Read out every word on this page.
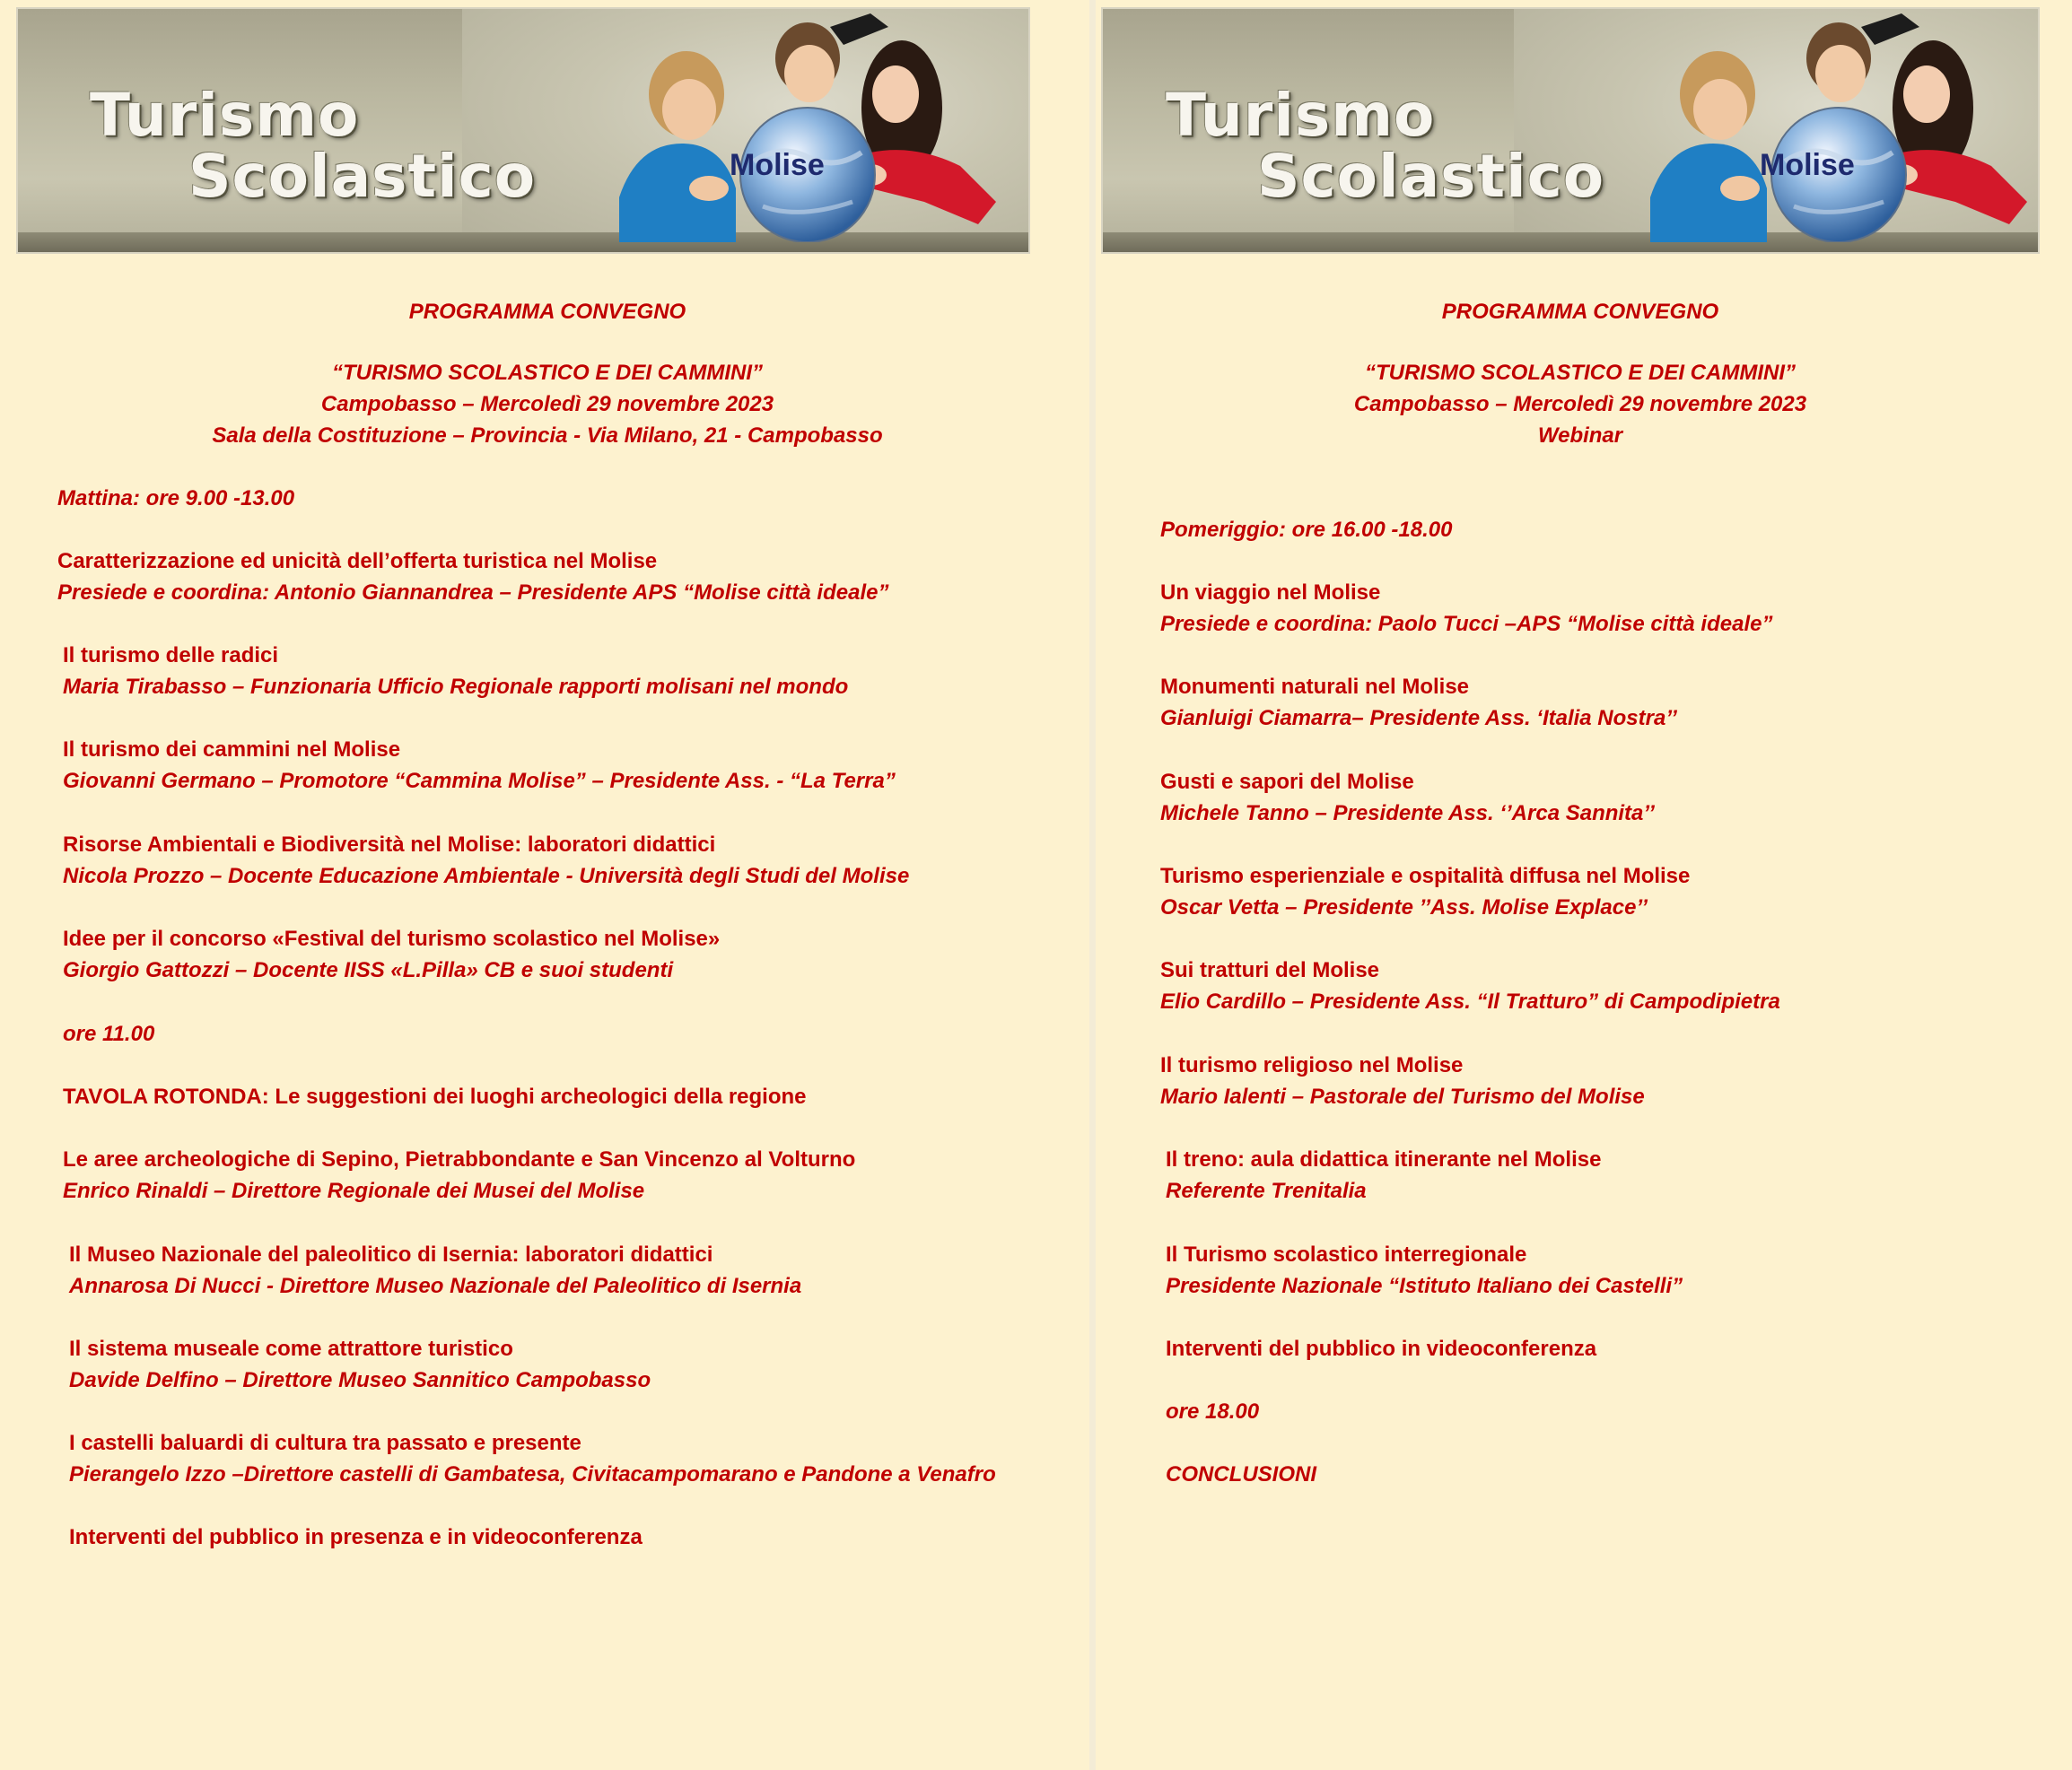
Turismo
Scolastico	Molise
PROGRAMMA CONVEGNO
“TURISMO SCOLASTICO E DEI CAMMINI”
Campobasso – Mercoledì 29 novembre 2023
Sala della Costituzione – Provincia - Via Milano, 21 - Campobasso
Mattina: ore 9.00 -13.00
Caratterizzazione ed unicità dell’offerta turistica nel Molise
Presiede e coordina: Antonio Giannandrea – Presidente APS “Molise città ideale”
Il turismo delle radici
Maria Tirabasso – Funzionaria Ufficio Regionale rapporti molisani nel mondo
Il turismo dei cammini nel Molise
Giovanni Germano – Promotore “Cammina Molise” – Presidente Ass. - “La Terra”
Risorse Ambientali e Biodiversità nel Molise: laboratori didattici
Nicola Prozzo – Docente Educazione Ambientale - Università degli Studi del Molise
Idee per il concorso «Festival del turismo scolastico nel Molise»
Giorgio Gattozzi – Docente IISS «L.Pilla» CB e suoi studenti
ore 11.00
TAVOLA ROTONDA: Le suggestioni dei luoghi archeologici della regione
Le aree archeologiche di Sepino, Pietrabbondante e San Vincenzo al Volturno
Enrico Rinaldi – Direttore Regionale dei Musei del Molise
Il Museo Nazionale del paleolitico di Isernia: laboratori didattici
Annarosa Di Nucci - Direttore Museo Nazionale del Paleolitico di Isernia
Il sistema museale come attrattore turistico
Davide Delfino – Direttore Museo Sannitico Campobasso
I castelli baluardi di cultura tra passato e presente
Pierangelo Izzo –Direttore castelli di Gambatesa, Civitacampomarano e Pandone a Venafro
Interventi del pubblico in presenza e in videoconferenza
Turismo
Scolastico	Molise
PROGRAMMA CONVEGNO
“TURISMO SCOLASTICO E DEI CAMMINI”
Campobasso – Mercoledì 29 novembre 2023
Webinar
Pomeriggio: ore 16.00 -18.00
Un viaggio nel Molise
Presiede e coordina: Paolo Tucci –APS “Molise città ideale”
Monumenti naturali nel Molise
Gianluigi Ciamarra– Presidente Ass. ‘Italia Nostra’’
Gusti e sapori del Molise
Michele Tanno – Presidente Ass. ‘’Arca Sannita’’
Turismo esperienziale e ospitalità diffusa nel Molise
Oscar Vetta – Presidente ’’Ass. Molise Explace’’
Sui tratturi del Molise
Elio Cardillo – Presidente Ass. “Il Tratturo” di Campodipietra
Il turismo religioso nel Molise
Mario Ialenti – Pastorale del Turismo del Molise
Il treno: aula didattica itinerante nel Molise
Referente Trenitalia
Il Turismo scolastico interregionale
Presidente Nazionale “Istituto Italiano dei Castelli”
Interventi del pubblico in videoconferenza
ore 18.00
CONCLUSIONI
